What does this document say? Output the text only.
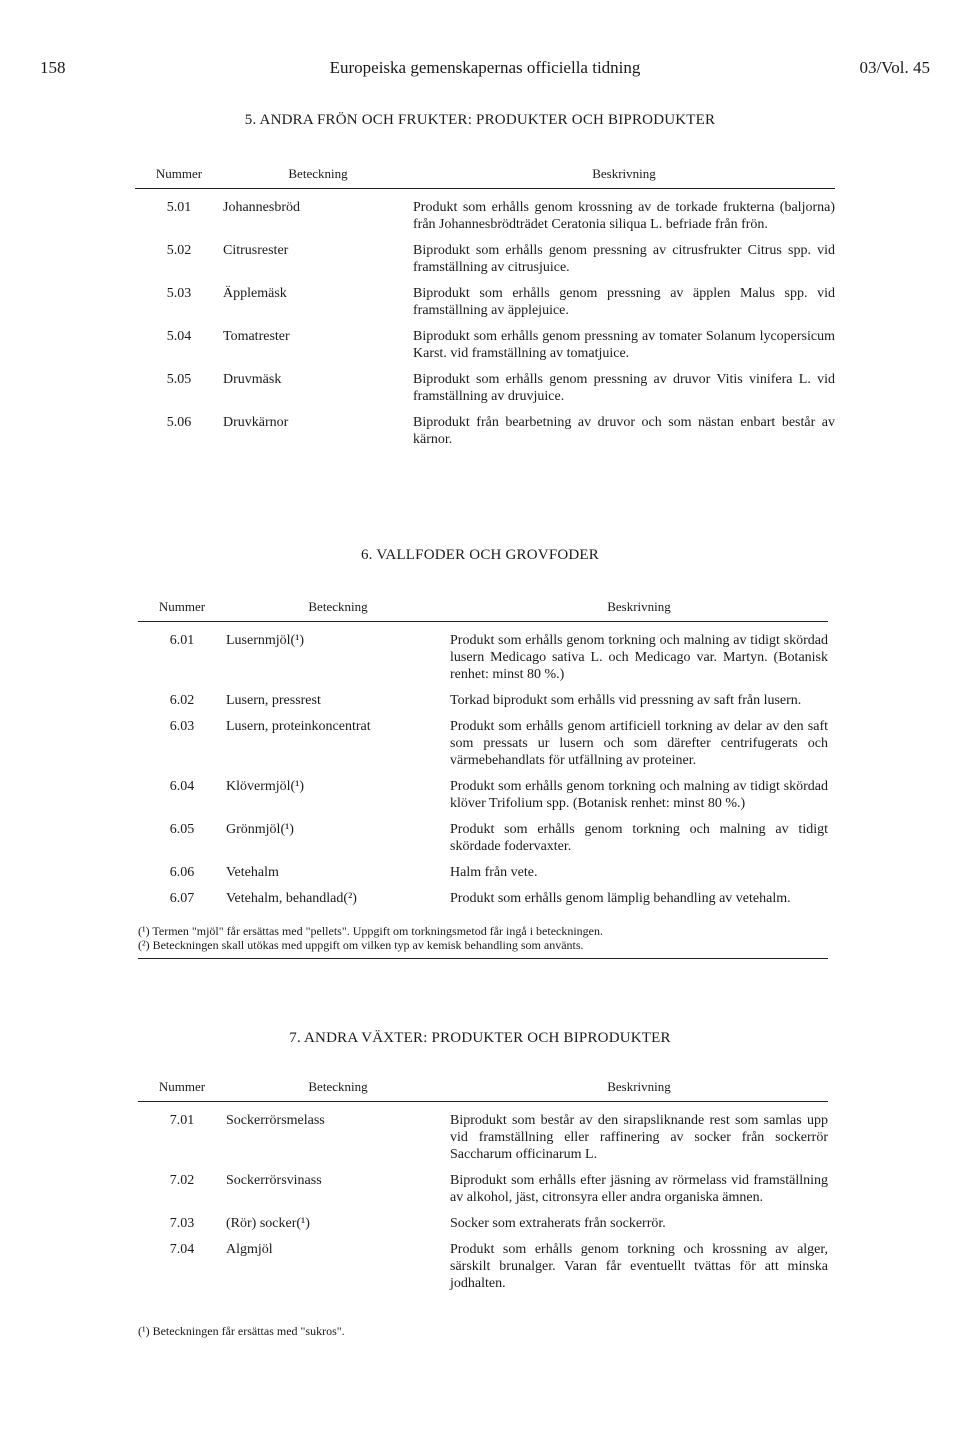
158	Europeiska gemenskapernas officiella tidning	03/Vol. 45
5. ANDRA FRÖN OCH FRUKTER: PRODUKTER OCH BIPRODUKTER
Nummer	Beteckning	Beskrivning
5.01	Johannesbröd	Produkt som erhålls genom krossning av de torkade frukterna (baljorna) från Johannesbrödträdet Ceratonia siliqua L. befriade från frön.
5.02	Citrusrester	Biprodukt som erhålls genom pressning av citrusfrukter Citrus spp. vid framställning av citrusjuice.
5.03	Äpplemäsk	Biprodukt som erhålls genom pressning av äpplen Malus spp. vid framställning av äpplejuice.
5.04	Tomatrester	Biprodukt som erhålls genom pressning av tomater Solanum lycopersicum Karst. vid framställning av tomatjuice.
5.05	Druvmäsk	Biprodukt som erhålls genom pressning av druvor Vitis vinifera L. vid framställning av druvjuice.
5.06	Druvkärnor	Biprodukt från bearbetning av druvor och som nästan enbart består av kärnor.
6. VALLFODER OCH GROVFODER
Nummer	Beteckning	Beskrivning
6.01	Lusernmjöl(¹)	Produkt som erhålls genom torkning och malning av tidigt skördad lusern Medicago sativa L. och Medicago var. Martyn. (Botanisk renhet: minst 80 %.)
6.02	Lusern, pressrest	Torkad biprodukt som erhålls vid pressning av saft från lusern.
6.03	Lusern, proteinkoncentrat	Produkt som erhålls genom artificiell torkning av delar av den saft som pressats ur lusern och som därefter centrifugerats och värmebehandlats för utfällning av proteiner.
6.04	Klövermjöl(¹)	Produkt som erhålls genom torkning och malning av tidigt skördad klöver Trifolium spp. (Botanisk renhet: minst 80 %.)
6.05	Grönmjöl(¹)	Produkt som erhålls genom torkning och malning av tidigt skördade fodervaxter.
6.06	Vetehalm	Halm från vete.
6.07	Vetehalm, behandlad(²)	Produkt som erhålls genom lämplig behandling av vetehalm.
(¹) Termen "mjöl" får ersättas med "pellets". Uppgift om torkningsmetod får ingå i beteckningen.
(²) Beteckningen skall utökas med uppgift om vilken typ av kemisk behandling som använts.
7. ANDRA VÄXTER: PRODUKTER OCH BIPRODUKTER
Nummer	Beteckning	Beskrivning
7.01	Sockerrörsmelass	Biprodukt som består av den sirapsliknande rest som samlas upp vid framställning eller raffinering av socker från sockerrör Saccharum officinarum L.
7.02	Sockerrörsvinass	Biprodukt som erhålls efter jäsning av rörmelass vid framställning av alkohol, jäst, citronsyra eller andra organiska ämnen.
7.03	(Rör) socker(¹)	Socker som extraherats från sockerrör.
7.04	Algmjöl	Produkt som erhålls genom torkning och krossning av alger, särskilt brunalger. Varan får eventuellt tvättas för att minska jodhalten.
(¹) Beteckningen får ersättas med "sukros".
